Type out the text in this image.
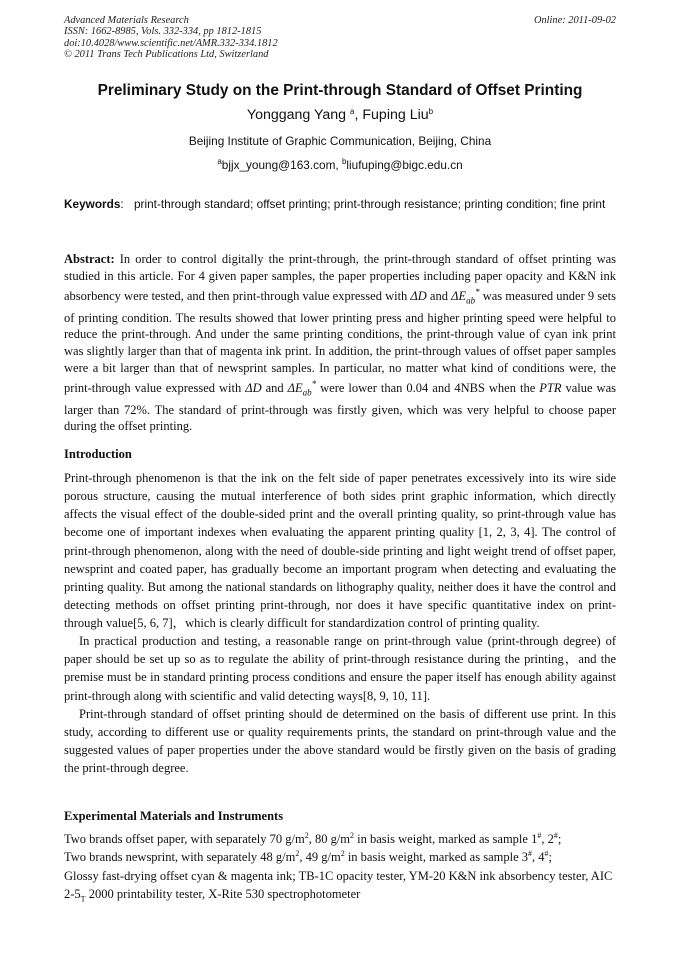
Advanced Materials Research
ISSN: 1662-8985, Vols. 332-334, pp 1812-1815
doi:10.4028/www.scientific.net/AMR.332-334.1812
© 2011 Trans Tech Publications Ltd, Switzerland
Online: 2011-09-02
Preliminary Study on the Print-through Standard of Offset Printing
Yonggang Yang $^a$, Fuping Liu$^b$
Beijing Institute of Graphic Communication, Beijing, China
$^a$bjjx_young@163.com, $^b$liufuping@bigc.edu.cn
Keywords: print-through standard; offset printing; print-through resistance; printing condition; fine print
Abstract: In order to control digitally the print-through, the print-through standard of offset printing was studied in this article. For 4 given paper samples, the paper properties including paper opacity and K&N ink absorbency were tested, and then print-through value expressed with ΔD and $\Delta E_{ab}^*$ was measured under 9 sets of printing condition. The results showed that lower printing press and higher printing speed were helpful to reduce the print-through. And under the same printing conditions, the print-through value of cyan ink print was slightly larger than that of magenta ink print. In addition, the print-through values of offset paper samples were a bit larger than that of newsprint samples. In particular, no matter what kind of conditions were, the print-through value expressed with ΔD and $\Delta E_{ab}^*$ were lower than 0.04 and 4NBS when the PTR value was larger than 72%. The standard of print-through was firstly given, which was very helpful to choose paper during the offset printing.
Introduction

Print-through phenomenon is that the ink on the felt side of paper penetrates excessively into its wire side porous structure, causing the mutual interference of both sides print graphic information, which directly affects the visual effect of the double-sided print and the overall printing quality, so print-through value has become one of important indexes when evaluating the apparent printing quality [1, 2, 3, 4]. The control of print-through phenomenon, along with the need of double-side printing and light weight trend of offset paper, newsprint and coated paper, has gradually become an important program when detecting and evaluating the printing quality. But among the national standards on lithography quality, neither does it have the control and detecting methods on offset printing print-through, nor does it have specific quantitative index on print-through value[5, 6, 7]，which is clearly difficult for standardization control of printing quality.

In practical production and testing, a reasonable range on print-through value (print-through degree) of paper should be set up so as to regulate the ability of print-through resistance during the printing，and the premise must be in standard printing process conditions and ensure the paper itself has enough ability against print-through along with scientific and valid detecting ways[8, 9, 10, 11].

Print-through standard of offset printing should de determined on the basis of different use print. In this study, according to different use or quality requirements prints, the standard on print-through value and the suggested values of paper properties under the above standard would be firstly given on the basis of grading the print-through degree.

Experimental Materials and Instruments

Two brands offset paper, with separately 70 $g/m^2$, 80 $g/m^2$ in basis weight, marked as sample 1#, 2#;

Two brands newsprint, with separately 48 $g/m^2$, 49 $g/m^2$ in basis weight, marked as sample 3#, 4#;

Glossy fast-drying offset cyan & magenta ink; TB-1C opacity tester, YM-20 K&N ink absorbency tester, AIC $2-5_T$ 2000 printability tester, X-Rite 530 spectrophotometer
